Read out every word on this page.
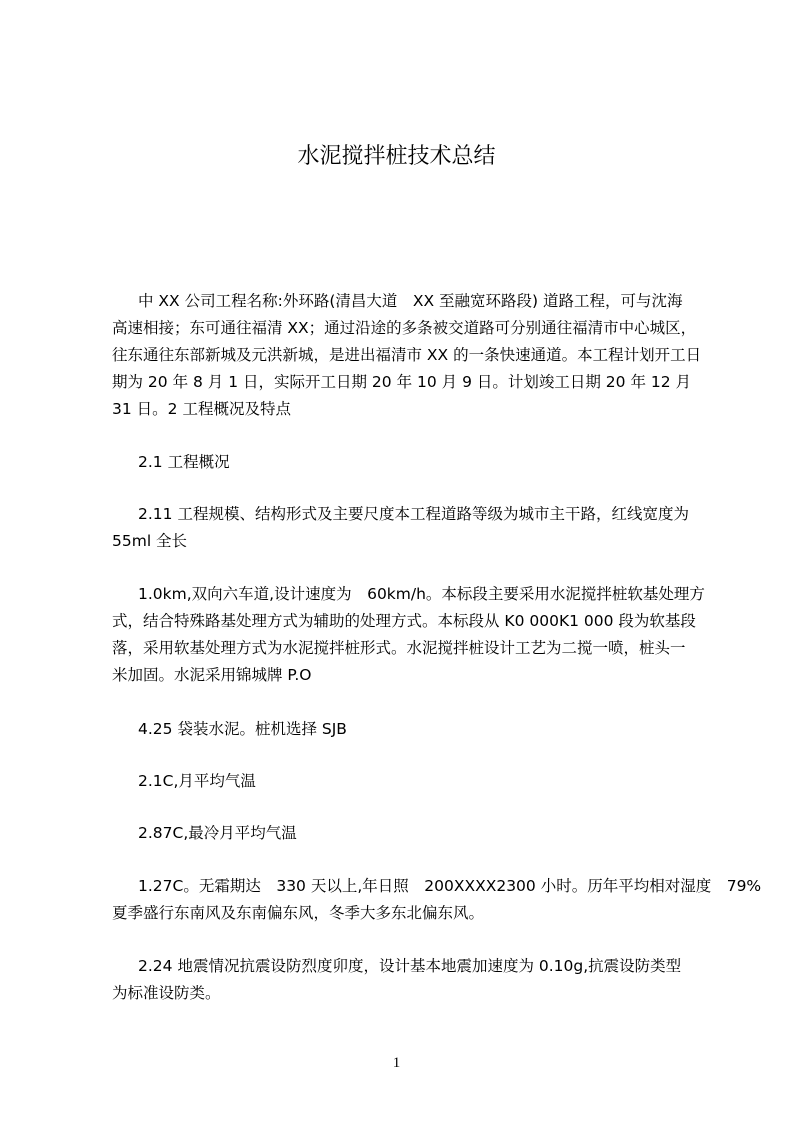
水泥搅拌桩技术总结
中 XX 公司工程名称:外环路(清昌大道　XX 至融宽环路段) 道路工程，可与沈海
高速相接；东可通往福清 XX；通过沿途的多条被交道路可分别通往福清市中心城区，
往东通往东部新城及元洪新城，是进出福清市 XX 的一条快速通道。本工程计划开工日
期为 20 年 8 月 1 日，实际开工日期 20 年 10 月 9 日。计划竣工日期 20 年 12 月
31 日。2 工程概况及特点
2.1 工程概况
2.11 工程规模、结构形式及主要尺度本工程道路等级为城市主干路，红线宽度为
55ml 全长
1.0km,双向六车道,设计速度为　60km/h。本标段主要采用水泥搅拌桩软基处理方
式，结合特殊路基处理方式为辅助的处理方式。本标段从 K0 000K1 000 段为软基段
落，采用软基处理方式为水泥搅拌桩形式。水泥搅拌桩设计工艺为二搅一喷，桩头一
米加固。水泥采用锦城牌 P.O
4.25 袋装水泥。桩机选择 SJB
2.1C,月平均气温
2.87C,最冷月平均气温
1.27C。无霜期达　330 天以上,年日照　200XXXX2300 小时。历年平均相对湿度　79%
夏季盛行东南风及东南偏东风，冬季大多东北偏东风。
2.24 地震情况抗震设防烈度卯度，设计基本地震加速度为 0.10g,抗震设防类型
为标准设防类。
1
